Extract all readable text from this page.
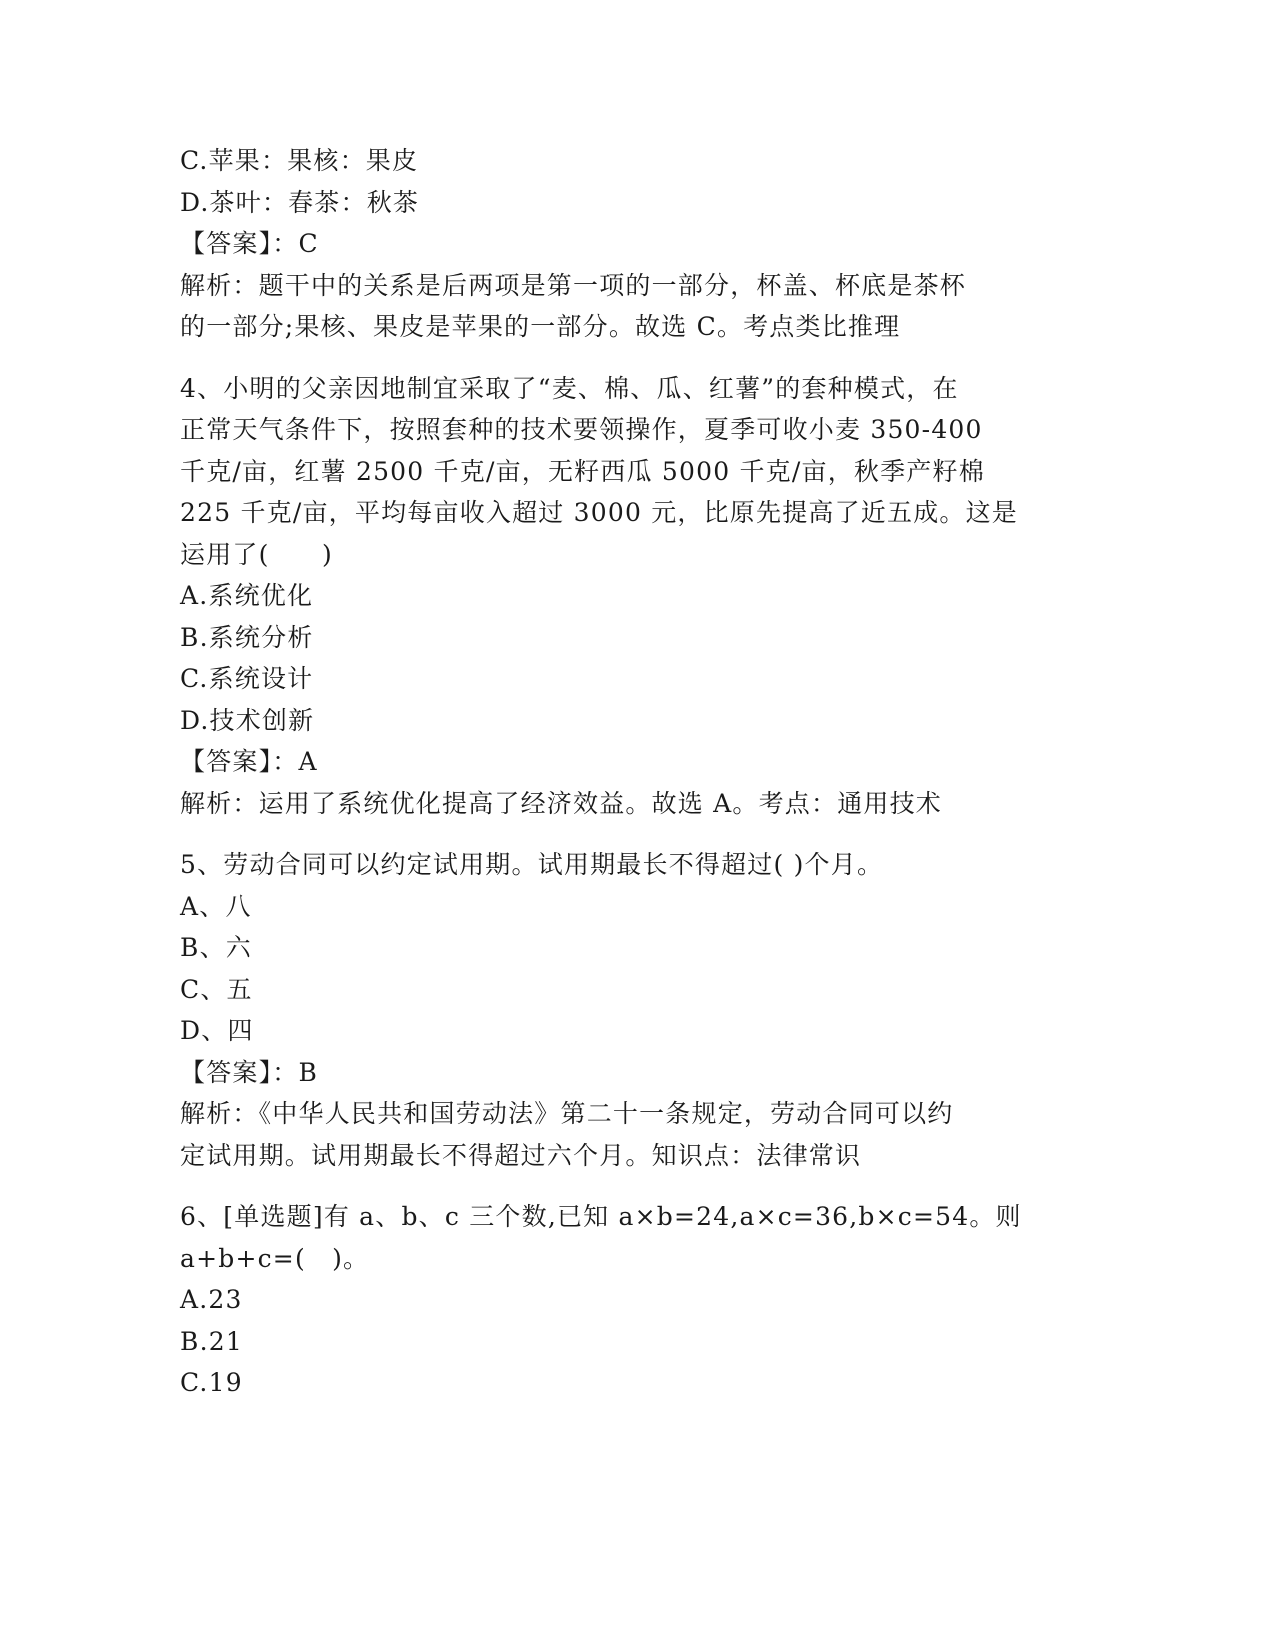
C.苹果：果核：果皮
D.茶叶：春茶：秋茶
【答案】：C
解析：题干中的关系是后两项是第一项的一部分，杯盖、杯底是茶杯
的一部分;果核、果皮是苹果的一部分。故选 C。考点类比推理
4、小明的父亲因地制宜采取了“麦、棉、瓜、红薯”的套种模式，在
正常天气条件下，按照套种的技术要领操作，夏季可收小麦 350-400
千克/亩，红薯 2500 千克/亩，无籽西瓜 5000 千克/亩，秋季产籽棉
225 千克/亩，平均每亩收入超过 3000 元，比原先提高了近五成。这是
运用了(　　)
A.系统优化
B.系统分析
C.系统设计
D.技术创新
【答案】：A
解析：运用了系统优化提高了经济效益。故选 A。考点：通用技术
5、劳动合同可以约定试用期。试用期最长不得超过( )个月。
A、八
B、六
C、五
D、四
【答案】：B
解析：《中华人民共和国劳动法》第二十一条规定，劳动合同可以约
定试用期。试用期最长不得超过六个月。知识点：法律常识
6、[单选题]有 a、b、c 三个数,已知 a×b=24,a×c=36,b×c=54。则
a+b+c=(　)。
A.23
B.21
C.19
